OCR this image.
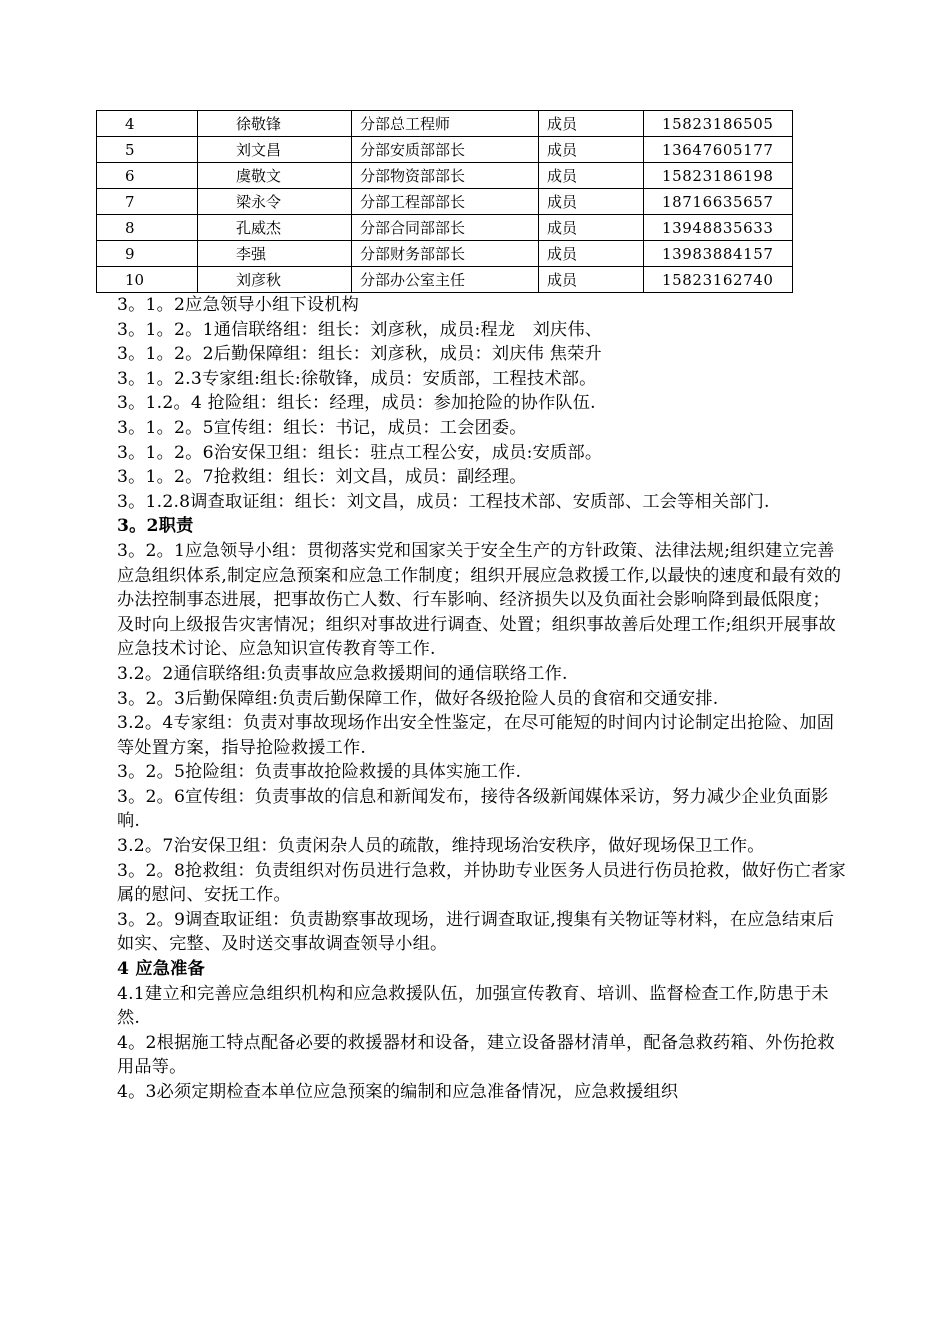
4	徐敬锋	分部总工程师	成员	15823186505
5	刘文昌	分部安质部部长	成员	13647605177
6	虞敬文	分部物资部部长	成员	15823186198
7	梁永令	分部工程部部长	成员	18716635657
8	孔威杰	分部合同部部长	成员	13948835633
9	李强	分部财务部部长	成员	13983884157
10	刘彦秋	分部办公室主任	成员	15823162740

3。1。2应急领导小组下设机构

3。1。2。1通信联络组：组长：刘彦秋，成员:程龙　刘庆伟、

3。1。2。2后勤保障组：组长：刘彦秋，成员：刘庆伟 焦荣升

3。1。2.3专家组:组长:徐敬锋，成员：安质部，工程技术部。

3。1.2。4 抢险组：组长：经理，成员：参加抢险的协作队伍.

3。1。2。5宣传组：组长：书记，成员：工会团委。

3。1。2。6治安保卫组：组长：驻点工程公安，成员:安质部。

3。1。2。7抢救组：组长：刘文昌，成员：副经理。

3。1.2.8调查取证组：组长：刘文昌，成员：工程技术部、安质部、工会等相关部门.

3。2职责

3。2。1应急领导小组：贯彻落实党和国家关于安全生产的方针政策、法律法规;组织建立完善应急组织体系,制定应急预案和应急工作制度；组织开展应急救援工作,以最快的速度和最有效的办法控制事态进展，把事故伤亡人数、行车影响、经济损失以及负面社会影响降到最低限度；及时向上级报告灾害情况；组织对事故进行调查、处置；组织事故善后处理工作;组织开展事故应急技术讨论、应急知识宣传教育等工作.

3.2。2通信联络组:负责事故应急救援期间的通信联络工作.

3。2。3后勤保障组:负责后勤保障工作，做好各级抢险人员的食宿和交通安排.

3.2。4专家组：负责对事故现场作出安全性鉴定，在尽可能短的时间内讨论制定出抢险、加固等处置方案，指导抢险救援工作.

3。2。5抢险组：负责事故抢险救援的具体实施工作.

3。2。6宣传组：负责事故的信息和新闻发布，接待各级新闻媒体采访，努力减少企业负面影响.

3.2。7治安保卫组：负责闲杂人员的疏散，维持现场治安秩序，做好现场保卫工作。

3。2。8抢救组：负责组织对伤员进行急救，并协助专业医务人员进行伤员抢救，做好伤亡者家属的慰问、安抚工作。

3。2。9调查取证组：负责勘察事故现场，进行调查取证,搜集有关物证等材料，在应急结束后如实、完整、及时送交事故调查领导小组。

4 应急准备

4.1建立和完善应急组织机构和应急救援队伍，加强宣传教育、培训、监督检查工作,防患于未然.

4。2根据施工特点配备必要的救援器材和设备，建立设备器材清单，配备急救药箱、外伤抢救用品等。

4。3必须定期检查本单位应急预案的编制和应急准备情况，应急救援组织
